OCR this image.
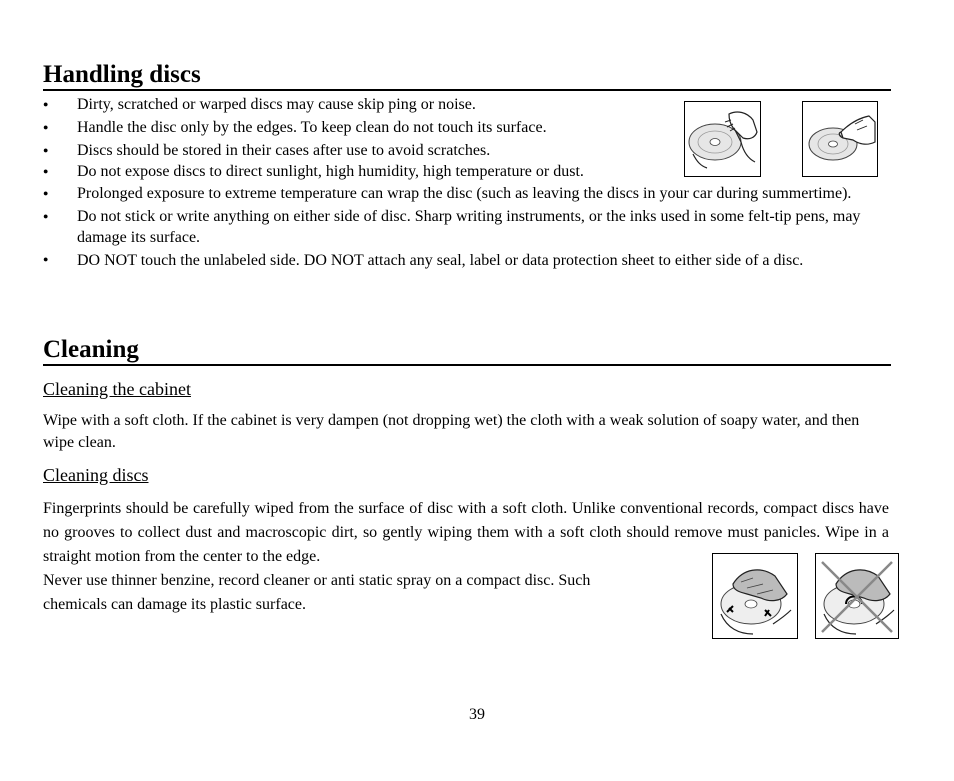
Handling discs
● Dirty, scratched or warped discs may cause skip ping or noise.
● Handle the disc only by the edges. To keep clean do not touch its surface.
● Discs should be stored in their cases after use to avoid scratches.
● Do not expose discs to direct sunlight, high humidity, high temperature or dust.
● Prolonged exposure to extreme temperature can wrap the disc (such as leaving the discs in your car during summertime).
● Do not stick or write anything on either side of disc. Sharp writing instruments, or the inks used in some felt-tip pens, may damage its surface.
● DO NOT touch the unlabeled side. DO NOT attach any seal, label or data protection sheet to either side of a disc.
Cleaning
Cleaning the cabinet

Wipe with a soft cloth. If the cabinet is very dampen (not dropping wet) the cloth with a weak solution of soapy water, and then wipe clean.

Cleaning discs

Fingerprints should be carefully wiped from the surface of disc with a soft cloth. Unlike conventional records, compact discs have no grooves to collect dust and macroscopic dirt, so gently wiping them with a soft cloth should remove must panicles. Wipe in a straight motion from the center to the edge.

Never use thinner benzine, record cleaner or anti static spray on a compact disc. Such chemicals can damage its plastic surface.

39
